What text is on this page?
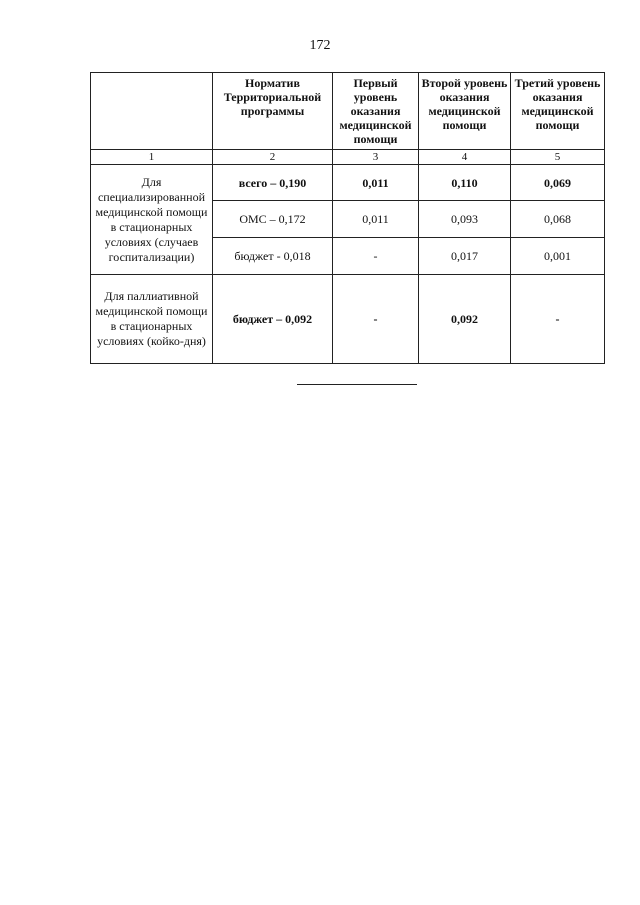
172
	Норматив Территориальной программы	Первый уровень оказания медицинской помощи	Второй уровень оказания медицинской помощи	Третий уровень оказания медицинской помощи
1	2	3	4	5
Для специализированной медицинской помощи в стационарных условиях (случаев госпитализации)	всего – 0,190	0,011	0,110	0,069
	ОМС – 0,172	0,011	0,093	0,068
	бюджет - 0,018	-	0,017	0,001
Для паллиативной медицинской помощи в стационарных условиях (койко-дня)	бюджет – 0,092	-	0,092	-
